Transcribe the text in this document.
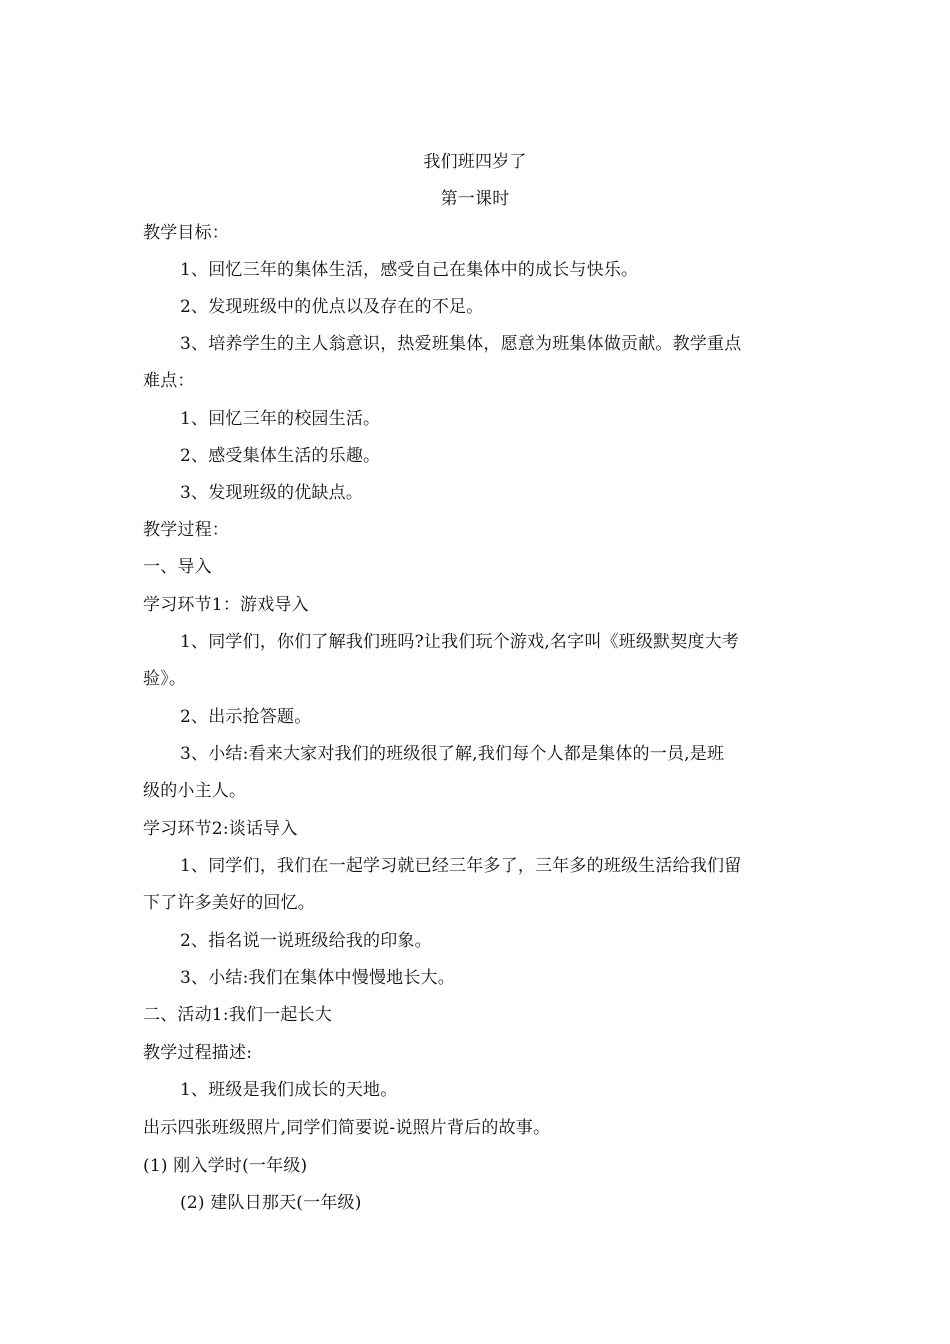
我们班四岁了
第一课时
教学目标：
1、回忆三年的集体生活，感受自己在集体中的成长与快乐。
2、发现班级中的优点以及存在的不足。
3、培养学生的主人翁意识，热爱班集体，愿意为班集体做贡献。教学重点
难点：
1、回忆三年的校园生活。
2、感受集体生活的乐趣。
3、发现班级的优缺点。
教学过程：
一、导入
学习环节1：游戏导入
1、同学们，你们了解我们班吗?让我们玩个游戏,名字叫《班级默契度大考
验》。
2、出示抢答题。
3、小结:看来大家对我们的班级很了解,我们每个人都是集体的一员,是班
级的小主人。
学习环节2:谈话导入
1、同学们，我们在一起学习就已经三年多了，三年多的班级生活给我们留
下了许多美好的回忆。
2、指名说一说班级给我的印象。
3、小结:我们在集体中慢慢地长大。
二、活动1:我们一起长大
教学过程描述:
1、班级是我们成长的天地。
出示四张班级照片,同学们简要说-说照片背后的故事。
(1) 刚入学时(一年级)
(2) 建队日那天(一年级)
